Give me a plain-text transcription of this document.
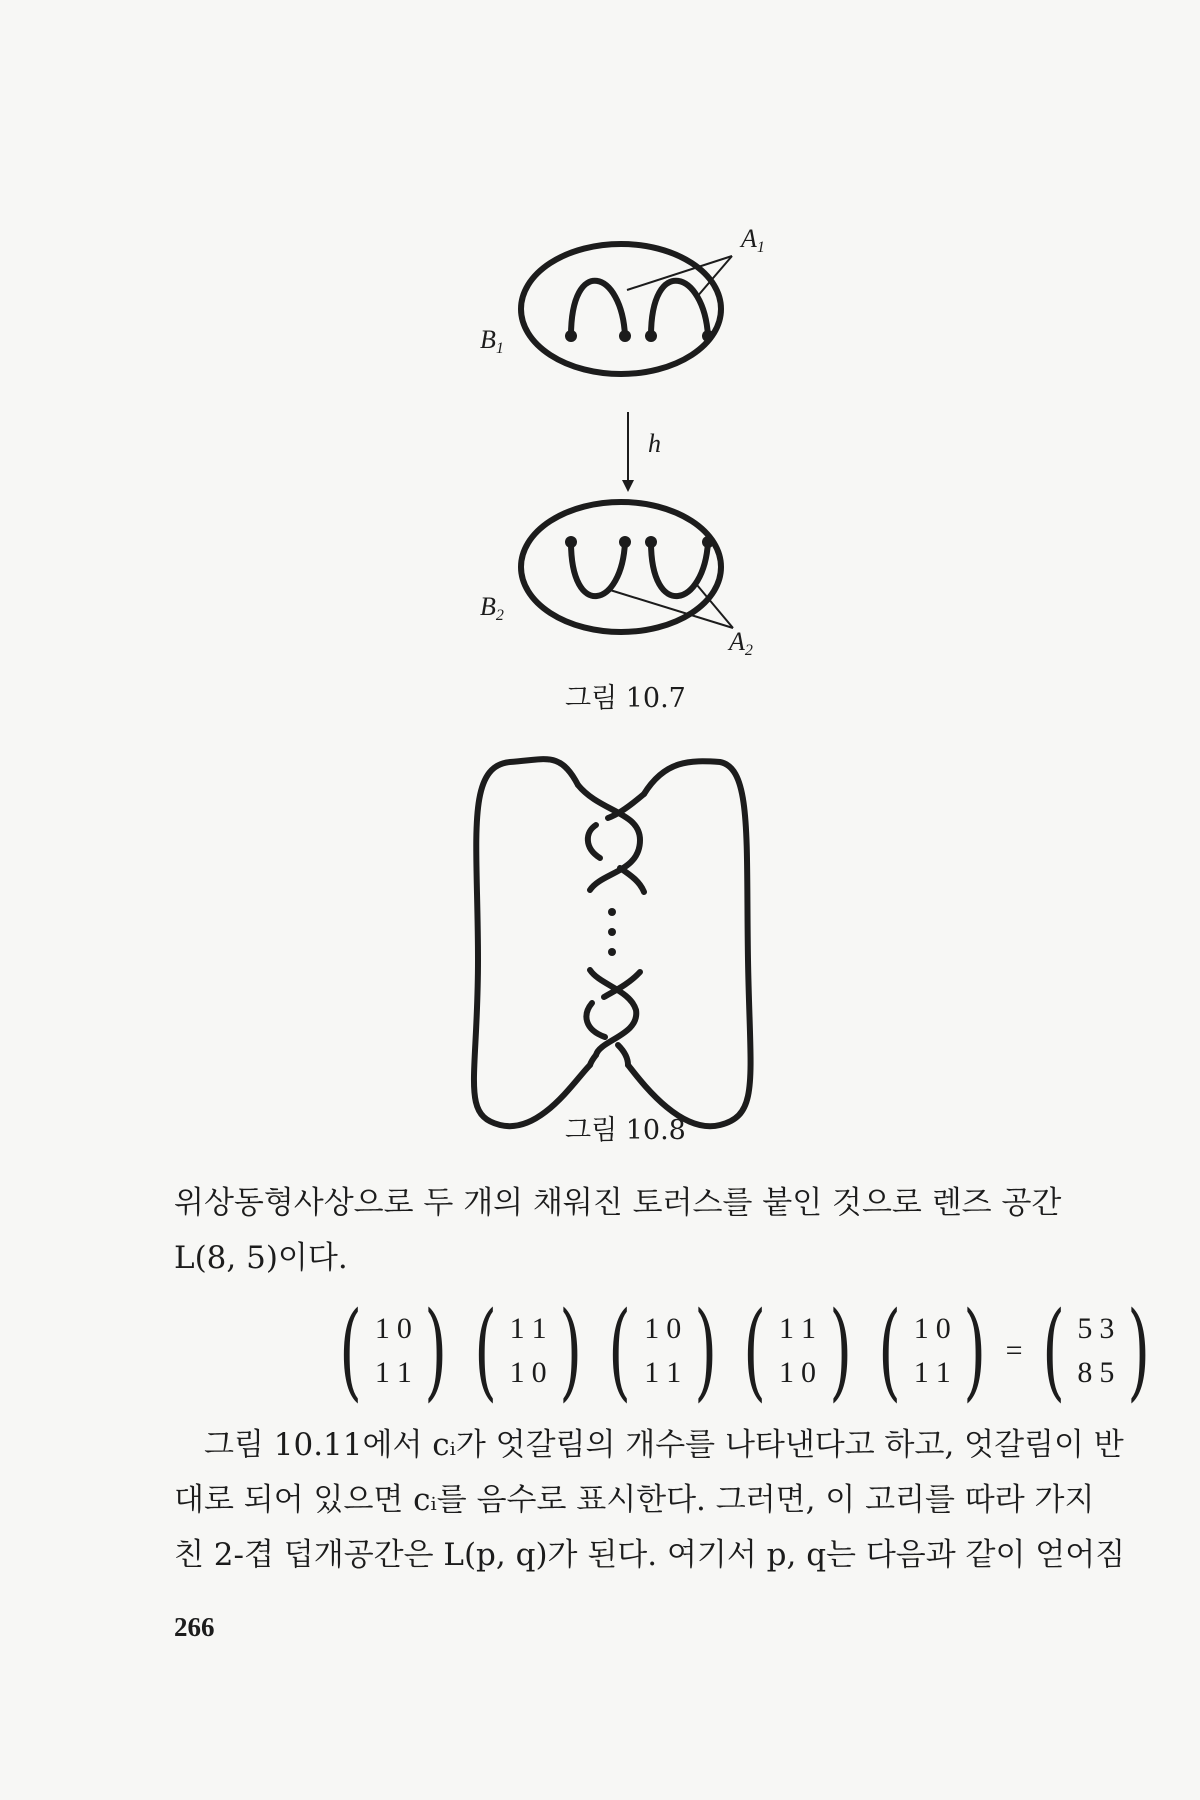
A1
B1
h
A2
B2
그림 10.7
그림 10.8
위상동형사상으로 두 개의 채워진 토러스를 붙인 것으로 렌즈 공간
L(8, 5)이다.
( 1 0
1 1 ) ( 1 1
1 0 ) ( 1 0
1 1 ) ( 1 1
1 0 ) ( 1 0
1 1 ) = ( 5 3
8 5 )
그림 10.11에서 cᵢ가 엇갈림의 개수를 나타낸다고 하고, 엇갈림이 반
대로 되어 있으면 cᵢ를 음수로 표시한다. 그러면, 이 고리를 따라 가지
친 2-겹 덥개공간은 L(p, q)가 된다. 여기서 p, q는 다음과 같이 얻어짐
266
